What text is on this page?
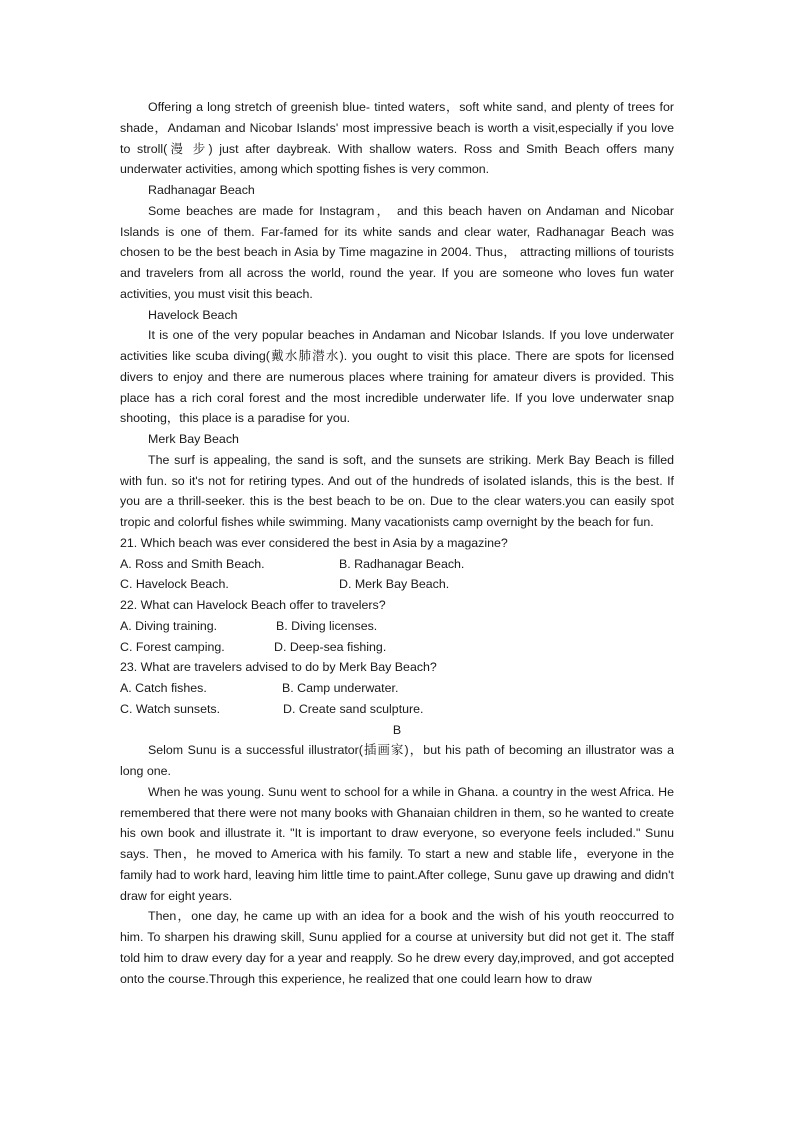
Offering a long stretch of greenish blue- tinted waters，soft white sand, and plenty of trees for shade，Andaman and Nicobar Islands' most impressive beach is worth a visit,especially if you love to stroll(漫 步) just after daybreak. With shallow waters. Ross and Smith Beach offers many underwater activities, among which spotting fishes is very common.

Radhanagar Beach

Some beaches are made for Instagram， and this beach haven on Andaman and Nicobar Islands is one of them. Far-famed for its white sands and clear water, Radhanagar Beach was chosen to be the best beach in Asia by Time magazine in 2004. Thus， attracting millions of tourists and travelers from all across the world, round the year. If you are someone who loves fun water activities, you must visit this beach.

Havelock Beach

It is one of the very popular beaches in Andaman and Nicobar Islands. If you love underwater activities like scuba diving(戴水肺潜水). you ought to visit this place. There are spots for licensed divers to enjoy and there are numerous places where training for amateur divers is provided. This place has a rich coral forest and the most incredible underwater life. If you love underwater snap shooting，this place is a paradise for you.

Merk Bay Beach

The surf is appealing, the sand is soft, and the sunsets are striking. Merk Bay Beach is filled with fun. so it's not for retiring types. And out of the hundreds of isolated islands, this is the best. If you are a thrill-seeker. this is the best beach to be on. Due to the clear waters.you can easily spot tropic and colorful fishes while swimming. Many vacationists camp overnight by the beach for fun.

21. Which beach was ever considered the best in Asia by a magazine?

A. Ross and Smith Beach.	B. Radhanagar Beach.
C. Havelock Beach.	D. Merk Bay Beach.

22. What can Havelock Beach offer to travelers?

A. Diving training.	B. Diving licenses.
C. Forest camping.	D. Deep-sea fishing.

23. What are travelers advised to do by Merk Bay Beach?

A. Catch fishes.	B. Camp underwater.
C. Watch sunsets.	D. Create sand sculpture.

B

Selom Sunu is a successful illustrator(插画家)，but his path of becoming an illustrator was a long one.

When he was young. Sunu went to school for a while in Ghana. a country in the west Africa. He remembered that there were not many books with Ghanaian children in them, so he wanted to create his own book and illustrate it. "It is important to draw everyone, so everyone feels included." Sunu says. Then，he moved to America with his family. To start a new and stable life，everyone in the family had to work hard, leaving him little time to paint.After college, Sunu gave up drawing and didn't draw for eight years.

Then，one day, he came up with an idea for a book and the wish of his youth reoccurred to him. To sharpen his drawing skill, Sunu applied for a course at university but did not get it. The staff told him to draw every day for a year and reapply. So he drew every day,improved, and got accepted onto the course.Through this experience, he realized that one could learn how to draw
